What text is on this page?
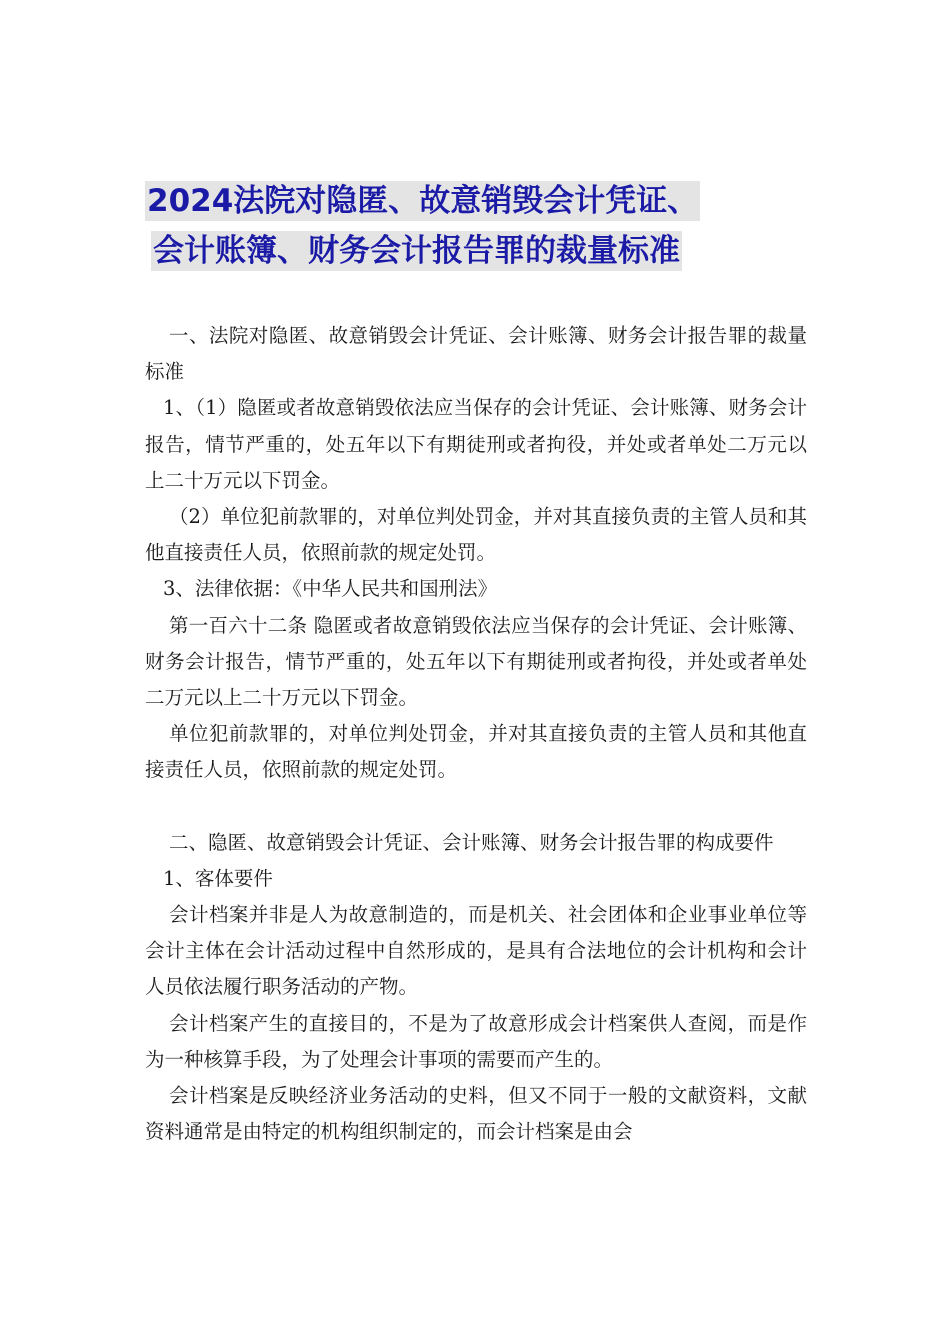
2024法院对隐匿、故意销毁会计凭证、
会计账簿、财务会计报告罪的裁量标准

一、法院对隐匿、故意销毁会计凭证、会计账簿、财务会计报告罪的裁量标准

1、（1）隐匿或者故意销毁依法应当保存的会计凭证、会计账簿、财务会计报告，情节严重的，处五年以下有期徒刑或者拘役，并处或者单处二万元以上二十万元以下罚金。

（2）单位犯前款罪的，对单位判处罚金，并对其直接负责的主管人员和其他直接责任人员，依照前款的规定处罚。

3、法律依据：《中华人民共和国刑法》

第一百六十二条 隐匿或者故意销毁依法应当保存的会计凭证、会计账簿、财务会计报告，情节严重的，处五年以下有期徒刑或者拘役，并处或者单处二万元以上二十万元以下罚金。

单位犯前款罪的，对单位判处罚金，并对其直接负责的主管人员和其他直接责任人员，依照前款的规定处罚。

二、隐匿、故意销毁会计凭证、会计账簿、财务会计报告罪的构成要件

1、客体要件

会计档案并非是人为故意制造的，而是机关、社会团体和企业事业单位等会计主体在会计活动过程中自然形成的，是具有合法地位的会计机构和会计人员依法履行职务活动的产物。

会计档案产生的直接目的，不是为了故意形成会计档案供人查阅，而是作为一种核算手段，为了处理会计事项的需要而产生的。

会计档案是反映经济业务活动的史料，但又不同于一般的文献资料，文献资料通常是由特定的机构组织制定的，而会计档案是由会
